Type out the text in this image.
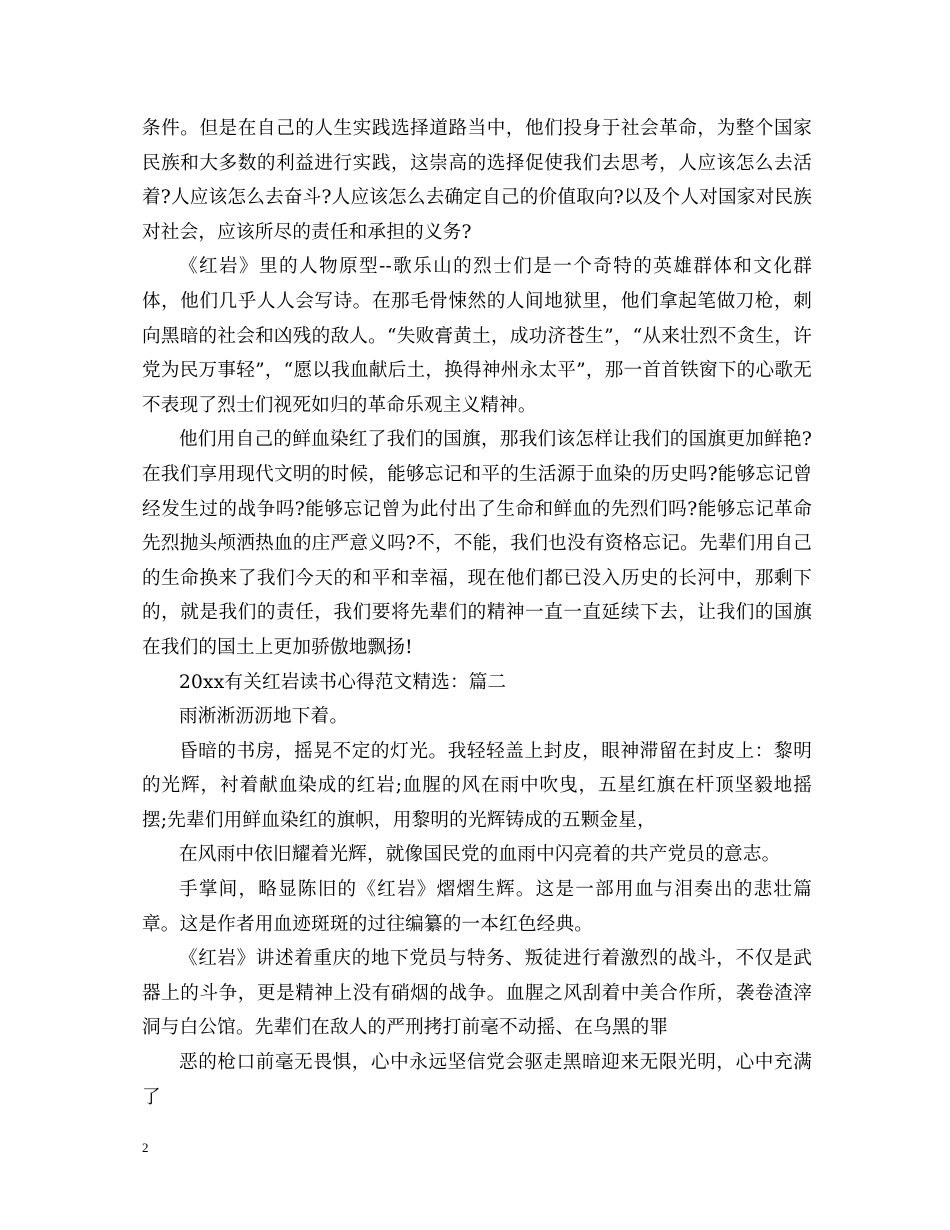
条件。但是在自己的人生实践选择道路当中，他们投身于社会革命，为整个国家民族和大多数的利益进行实践，这崇高的选择促使我们去思考，人应该怎么去活着?人应该怎么去奋斗?人应该怎么去确定自己的价值取向?以及个人对国家对民族对社会，应该所尽的责任和承担的义务?

《红岩》里的人物原型--歌乐山的烈士们是一个奇特的英雄群体和文化群体，他们几乎人人会写诗。在那毛骨悚然的人间地狱里，他们拿起笔做刀枪，刺向黑暗的社会和凶残的敌人。“失败膏黄土，成功济苍生”，“从来壮烈不贪生，许党为民万事轻”，“愿以我血献后土，换得神州永太平”，那一首首铁窗下的心歌无不表现了烈士们视死如归的革命乐观主义精神。

他们用自己的鲜血染红了我们的国旗，那我们该怎样让我们的国旗更加鲜艳?在我们享用现代文明的时候，能够忘记和平的生活源于血染的历史吗?能够忘记曾经发生过的战争吗?能够忘记曾为此付出了生命和鲜血的先烈们吗?能够忘记革命先烈抛头颅洒热血的庄严意义吗?不，不能，我们也没有资格忘记。先辈们用自己的生命换来了我们今天的和平和幸福，现在他们都已没入历史的长河中，那剩下的，就是我们的责任，我们要将先辈们的精神一直一直延续下去，让我们的国旗在我们的国土上更加骄傲地飘扬!

20xx有关红岩读书心得范文精选：篇二

雨淅淅沥沥地下着。

昏暗的书房，摇晃不定的灯光。我轻轻盖上封皮，眼神滞留在封皮上：黎明的光辉，衬着献血染成的红岩;血腥的风在雨中吹曳，五星红旗在杆顶坚毅地摇摆;先辈们用鲜血染红的旗帜，用黎明的光辉铸成的五颗金星，

在风雨中依旧耀着光辉，就像国民党的血雨中闪亮着的共产党员的意志。

手掌间，略显陈旧的《红岩》熠熠生辉。这是一部用血与泪奏出的悲壮篇章。这是作者用血迹斑斑的过往编纂的一本红色经典。

《红岩》讲述着重庆的地下党员与特务、叛徒进行着激烈的战斗，不仅是武器上的斗争，更是精神上没有硝烟的战争。血腥之风刮着中美合作所，袭卷渣滓洞与白公馆。先辈们在敌人的严刑拷打前毫不动摇、在乌黑的罪

恶的枪口前毫无畏惧，心中永远坚信党会驱走黑暗迎来无限光明，心中充满了

2
